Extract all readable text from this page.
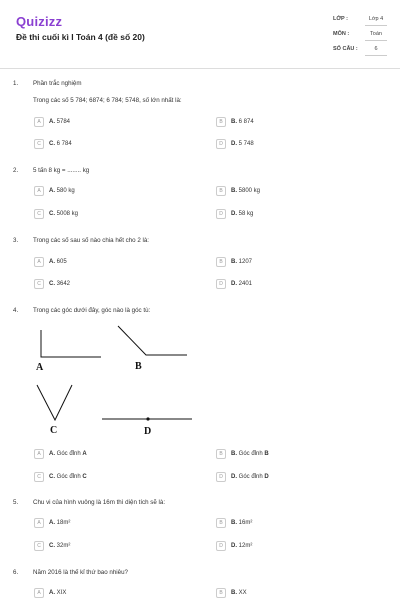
Quizizz
Đề thi cuối kì I Toán 4 (đề số 20)
LỚP :	Lớp 4
MÔN :	Toán
SỐ CÂU :	6
1. Phần trắc nghiệm
Trong các số 5 784; 6874; 6 784; 5748, số lớn nhất là:
A	A. 5784	B	B. 6 874
C	C. 6 784	D	D. 5 748
2. 5 tấn 8 kg = ........ kg
A	A. 580 kg	B	B. 5800 kg
C	C. 5008 kg	D	D. 58 kg
3. Trong các số sau số nào chia hết cho 2 là:
A	A. 605	B	B. 1207
C	C. 3642	D	D. 2401
4. Trong các góc dưới đây, góc nào là góc tù:
A	B
C	D
A	A. Góc đỉnh A	B	B. Góc đỉnh B
C	C. Góc đỉnh C	D	D. Góc đỉnh D
5. Chu vi của hình vuông là 16m thì diện tích sẽ là:
A	A. 18m²	B	B. 16m²
C	C. 32m²	D	D. 12m²
6. Năm 2016 là thế kỉ thứ bao nhiêu?
A	A. XIX	B	B. XX
